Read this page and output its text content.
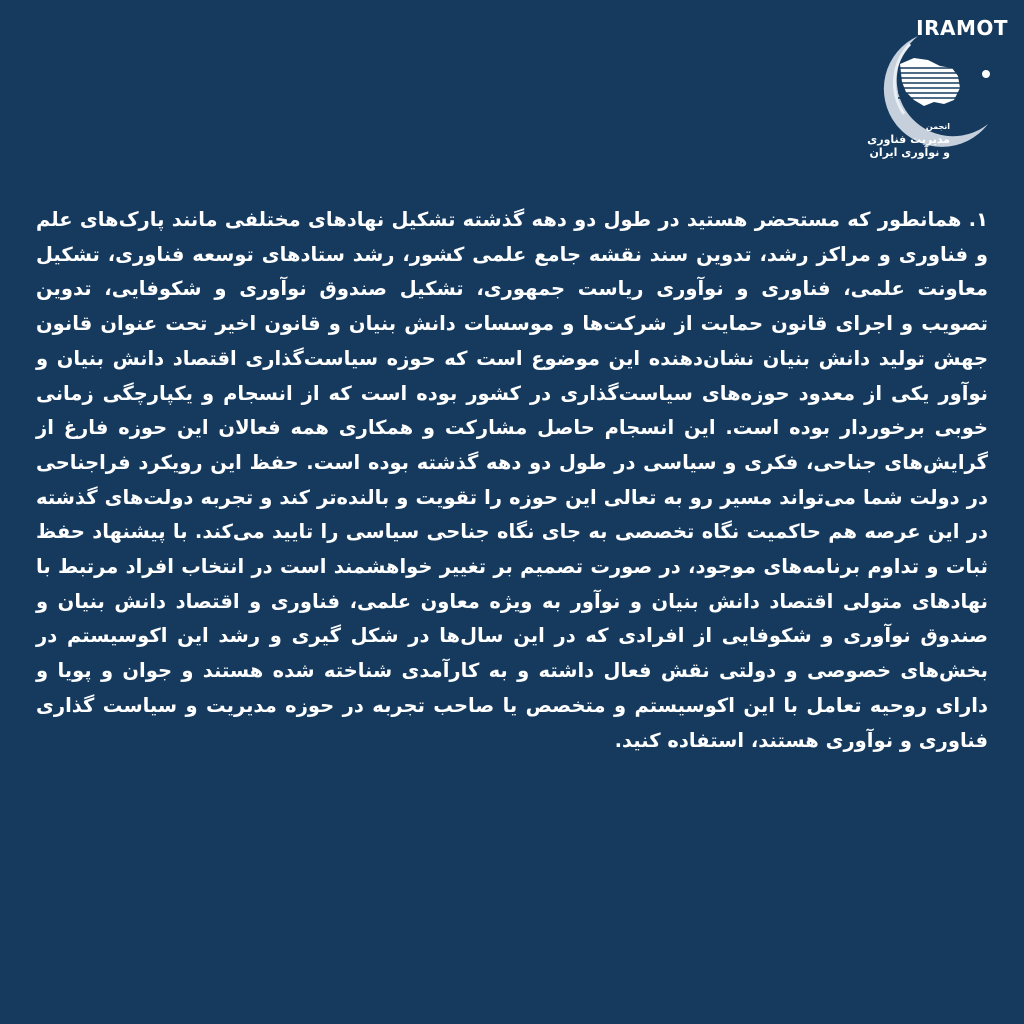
IRAMOT
انجمن
مدیریت فناوری
و نوآوری ایران

۱. همانطور که مستحضر هستید در طول دو دهه گذشته تشکیل نهادهای مختلفی مانند پارک‌های علم و فناوری و مراکز رشد، تدوین سند نقشه جامع علمی کشور، رشد ستادهای توسعه فناوری، تشکیل معاونت علمی، فناوری و نوآوری ریاست جمهوری، تشکیل صندوق نوآوری و شکوفایی، تدوین تصویب و اجرای قانون حمایت از شرکت‌ها و موسسات دانش بنیان و قانون اخیر تحت عنوان قانون جهش تولید دانش بنیان نشان‌دهنده این موضوع است که حوزه سیاست‌گذاری اقتصاد دانش بنیان و نوآور یکی از معدود حوزه‌های سیاست‌گذاری در کشور بوده است که از انسجام و یکپارچگی زمانی خوبی برخوردار بوده است. این انسجام حاصل مشارکت و همکاری همه فعالان این حوزه فارغ از گرایش‌های جناحی، فکری و سیاسی در طول دو دهه گذشته بوده است. حفظ این رویکرد فراجناحی در دولت شما می‌تواند مسیر رو به تعالی این حوزه را تقویت و بالنده‌تر کند و تجربه دولت‌های گذشته در این عرصه هم حاکمیت نگاه تخصصی به جای نگاه جناحی سیاسی را تایید می‌کند. با پیشنهاد حفظ ثبات و تداوم برنامه‌های موجود، در صورت تصمیم بر تغییر خواهشمند است در انتخاب افراد مرتبط با نهادهای متولی اقتصاد دانش بنیان و نوآور به ویژه معاون علمی، فناوری و اقتصاد دانش بنیان و صندوق نوآوری و شکوفایی از افرادی که در این سال‌ها در شکل گیری و رشد این اکوسیستم در بخش‌های خصوصی و دولتی نقش فعال داشته و به کارآمدی شناخته شده هستند و جوان و پویا و دارای روحیه تعامل با این اکوسیستم و متخصص یا صاحب تجربه در حوزه مدیریت و سیاست گذاری فناوری و نوآوری هستند، استفاده کنید.
